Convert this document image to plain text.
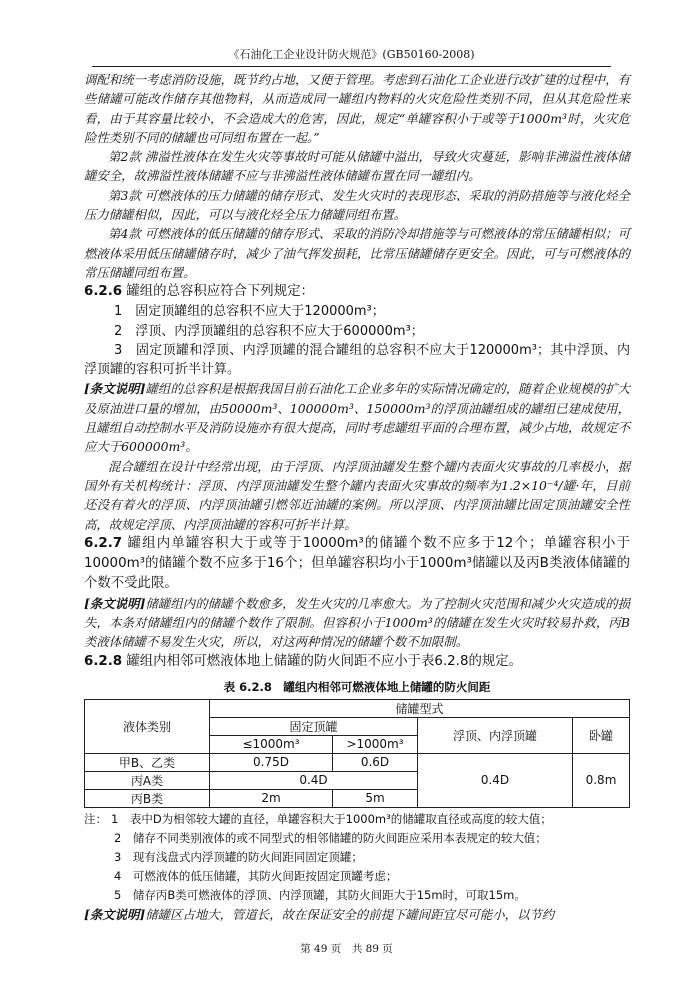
《石油化工企业设计防火规范》(GB50160-2008)

调配和统一考虑消防设施，既节约占地，又便于管理。考虑到石油化工企业进行改扩建的过程中，有些储罐可能改作储存其他物料，从而造成同一罐组内物料的火灾危险性类别不同，但从其危险性来看，由于其容量比较小，不会造成大的危害，因此，规定“单罐容积小于或等于1000m³时，火灾危险性类别不同的储罐也可同组布置在一起。”

第2款 沸溢性液体在发生火灾等事故时可能从储罐中溢出，导致火灾蔓延，影响非沸溢性液体储罐安全，故沸溢性液体储罐不应与非沸溢性液体储罐布置在同一罐组内。

第3款 可燃液体的压力储罐的储存形式、发生火灾时的表现形态、采取的消防措施等与液化烃全压力储罐相似，因此，可以与液化烃全压力储罐同组布置。

第4款 可燃液体的低压储罐的储存形式、采取的消防冷却措施等与可燃液体的常压储罐相似；可燃液体采用低压储罐储存时，减少了油气挥发损耗，比常压储罐储存更安全。因此，可与可燃液体的常压储罐同组布置。

6.2.6 罐组的总容积应符合下列规定：

1　固定顶罐组的总容积不应大于120000m³；

2　浮顶、内浮顶罐组的总容积不应大于600000m³；

3　固定顶罐和浮顶、内浮顶罐的混合罐组的总容积不应大于120000m³；其中浮顶、内浮顶罐的容积可折半计算。

[条文说明]罐组的总容积是根据我国目前石油化工企业多年的实际情况确定的，随着企业规模的扩大及原油进口量的增加，由50000m³、100000m³、150000m³的浮顶油罐组成的罐组已建成使用，且罐组自动控制水平及消防设施亦有很大提高，同时考虑罐组平面的合理布置，减少占地，故规定不应大于600000m³。

混合罐组在设计中经常出现，由于浮顶、内浮顶油罐发生整个罐内表面火灾事故的几率极小，据国外有关机构统计：浮顶、内浮顶油罐发生整个罐内表面火灾事故的频率为1.2×10⁻⁴/罐·年，目前还没有着火的浮顶、内浮顶油罐引燃邻近油罐的案例。所以浮顶、内浮顶油罐比固定顶油罐安全性高，故规定浮顶、内浮顶油罐的容积可折半计算。

6.2.7 罐组内单罐容积大于或等于10000m³的储罐个数不应多于12个；单罐容积小于10000m³的储罐个数不应多于16个；但单罐容积均小于1000m³储罐以及丙B类液体储罐的个数不受此限。

[条文说明]储罐组内的储罐个数愈多，发生火灾的几率愈大。为了控制火灾范围和减少火灾造成的损失，本条对储罐组内的储罐个数作了限制。但容积小于1000m³的储罐在发生火灾时较易扑救，丙B类液体储罐不易发生火灾，所以，对这两种情况的储罐个数不加限制。

6.2.8 罐组内相邻可燃液体地上储罐的防火间距不应小于表6.2.8的规定。

表 6.2.8　罐组内相邻可燃液体地上储罐的防火间距
液体类别	储罐型式			
	固定顶罐		浮顶、内浮顶罐	卧罐
	≤1000m³	>1000m³		
甲B、乙类	0.75D	0.6D	0.4D	0.8m
丙A类	0.4D			
丙B类	2m	5m		
注： 1　表中D为相邻较大罐的直径，单罐容积大于1000m³的储罐取直径或高度的较大值；
2　储存不同类别液体的或不同型式的相邻储罐的防火间距应采用本表规定的较大值；
3　现有浅盘式内浮顶罐的防火间距同固定顶罐；
4　可燃液体的低压储罐，其防火间距按固定顶罐考虑；
5　储存丙B类可燃液体的浮顶、内浮顶罐，其防火间距大于15m时，可取15m。

[条文说明]储罐区占地大，管道长，故在保证安全的前提下罐间距宜尽可能小，以节约

第 49 页　共 89 页
